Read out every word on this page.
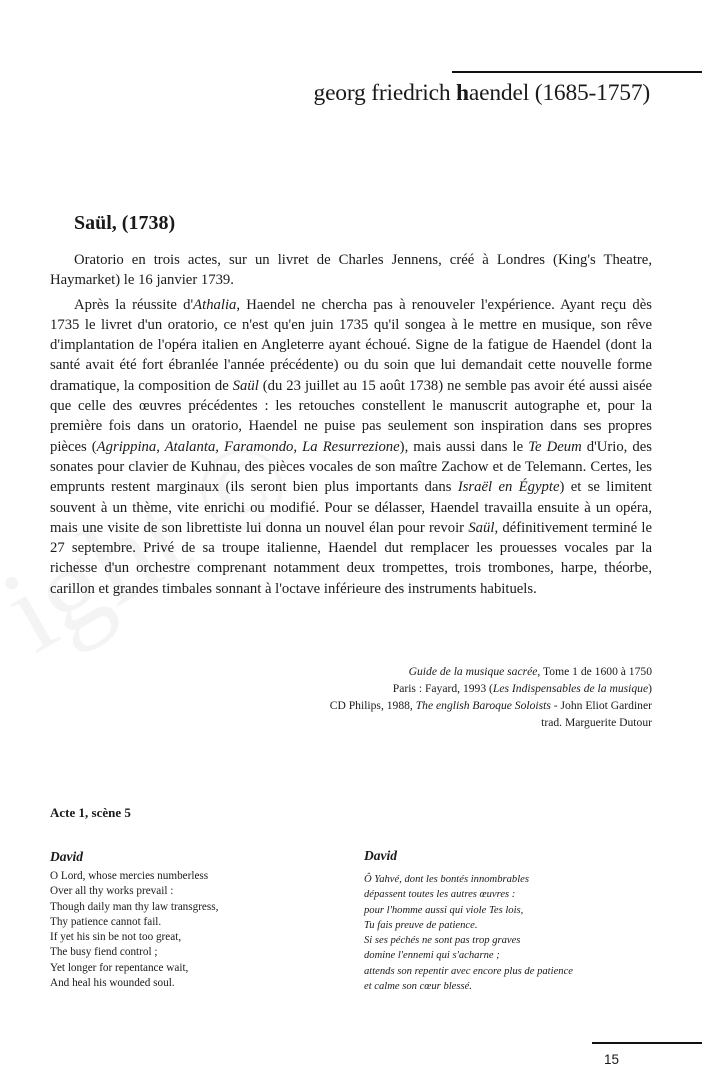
georg friedrich haendel (1685-1757)
Saül, (1738)

Oratorio en trois actes, sur un livret de Charles Jennens, créé à Londres (King's Theatre, Haymarket) le 16 janvier 1739.

Après la réussite d'Athalia, Haendel ne chercha pas à renouveler l'expérience. Ayant reçu dès 1735 le livret d'un oratorio, ce n'est qu'en juin 1735 qu'il songea à le mettre en musique, son rêve d'implantation de l'opéra italien en Angleterre ayant échoué. Signe de la fatigue de Haendel (dont la santé avait été fort ébranlée l'année précédente) ou du soin que lui demandait cette nouvelle forme dramatique, la composition de Saül (du 23 juillet au 15 août 1738) ne semble pas avoir été aussi aisée que celle des œuvres précédentes : les retouches constellent le manuscrit autographe et, pour la première fois dans un oratorio, Haendel ne puise pas seulement son inspiration dans ses propres pièces (Agrippina, Atalanta, Faramondo, La Resurrezione), mais aussi dans le Te Deum d'Urio, des sonates pour clavier de Kuhnau, des pièces vocales de son maître Zachow et de Telemann. Certes, les emprunts restent marginaux (ils seront bien plus importants dans Israël en Égypte) et se limitent souvent à un thème, vite enrichi ou modifié. Pour se délasser, Haendel travailla ensuite à un opéra, mais une visite de son librettiste lui donna un nouvel élan pour revoir Saül, définitivement terminé le 27 septembre. Privé de sa troupe italienne, Haendel dut remplacer les prouesses vocales par la richesse d'un orchestre comprenant notamment deux trompettes, trois trombones, harpe, théorbe, carillon et grandes timbales sonnant à l'octave inférieure des instruments habituels.

Guide de la musique sacrée, Tome 1 de 1600 à 1750
Paris : Fayard, 1993 (Les Indispensables de la musique)
CD Philips, 1988, The english Baroque Soloists - John Eliot Gardiner
trad. Marguerite Dutour
Acte 1, scène 5
David
O Lord, whose mercies numberless
Over all thy works prevail :
Though daily man thy law transgress,
Thy patience cannot fail.
If yet his sin be not too great,
The busy fiend control ;
Yet longer for repentance wait,
And heal his wounded soul.
David
Ô Yahvé, dont les bontés innombrables
dépassent toutes les autres œuvres :
pour l'homme aussi qui viole Tes lois,
Tu fais preuve de patience.
Si ses péchés ne sont pas trop graves
domine l'ennemi qui s'acharne ;
attends son repentir avec encore plus de patience
et calme son cœur blessé.
15
